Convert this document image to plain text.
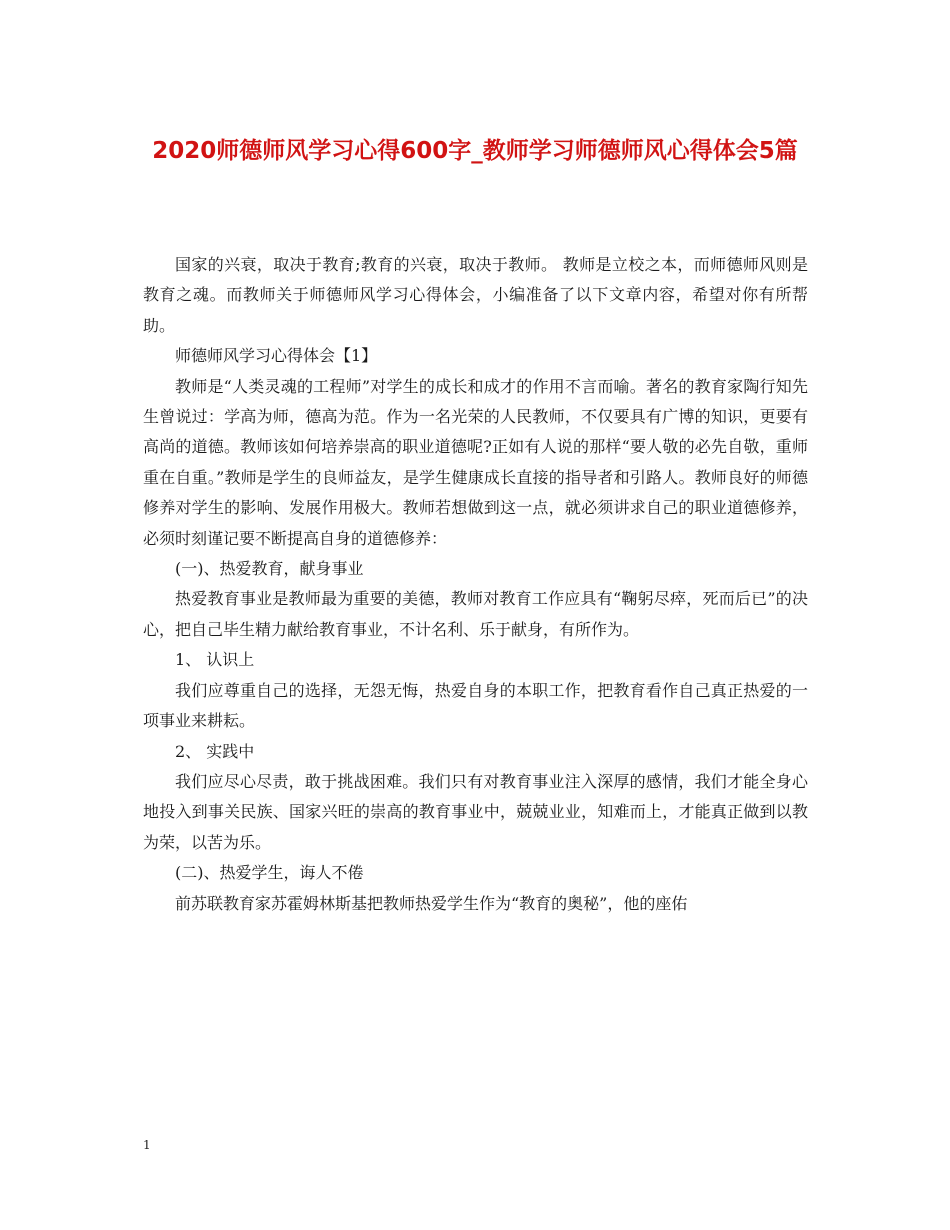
2020师德师风学习心得600字_教师学习师德师风心得体会5篇

国家的兴衰，取决于教育;教育的兴衰，取决于教师。 教师是立校之本，而师德师风则是教育之魂。而教师关于师德师风学习心得体会，小编准备了以下文章内容，希望对你有所帮助。

师德师风学习心得体会【1】

教师是“人类灵魂的工程师”对学生的成长和成才的作用不言而喻。著名的教育家陶行知先生曾说过：学高为师，德高为范。作为一名光荣的人民教师，不仅要具有广博的知识，更要有高尚的道德。教师该如何培养崇高的职业道德呢?正如有人说的那样“要人敬的必先自敬，重师重在自重。”教师是学生的良师益友，是学生健康成长直接的指导者和引路人。教师良好的师德修养对学生的影响、发展作用极大。教师若想做到这一点，就必须讲求自己的职业道德修养，必须时刻谨记要不断提高自身的道德修养：

(一)、热爱教育，献身事业

热爱教育事业是教师最为重要的美德，教师对教育工作应具有“鞠躬尽瘁，死而后已”的决心，把自己毕生精力献给教育事业，不计名利、乐于献身，有所作为。

1、 认识上

我们应尊重自己的选择，无怨无悔，热爱自身的本职工作，把教育看作自己真正热爱的一项事业来耕耘。

2、 实践中

我们应尽心尽责，敢于挑战困难。我们只有对教育事业注入深厚的感情，我们才能全身心地投入到事关民族、国家兴旺的崇高的教育事业中，兢兢业业，知难而上，才能真正做到以教为荣，以苦为乐。

(二)、热爱学生，诲人不倦

前苏联教育家苏霍姆林斯基把教师热爱学生作为“教育的奥秘”，他的座佑

1
